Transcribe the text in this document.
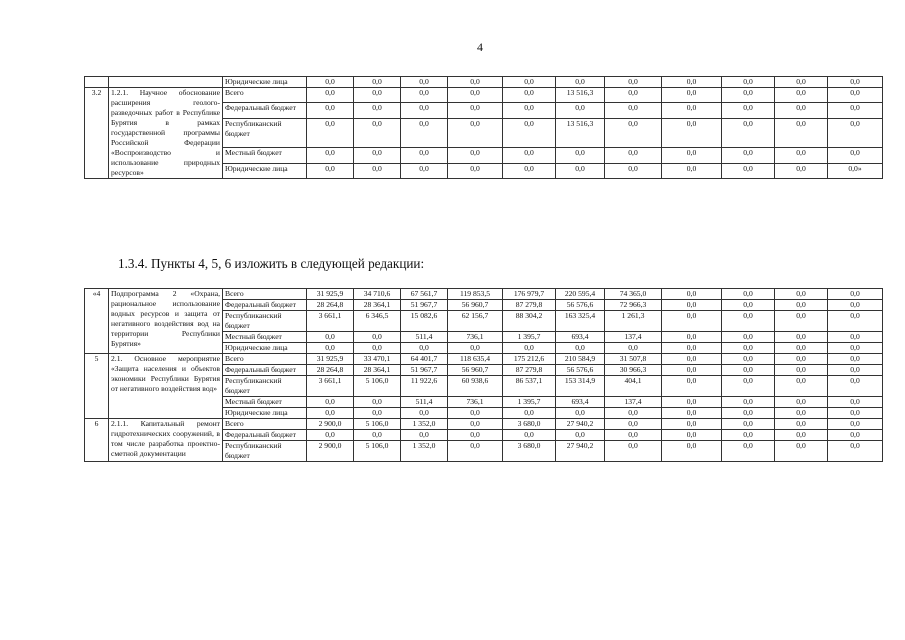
4
		Юридические лица	0,0	0,0	0,0	0,0	0,0	0,0	0,0	0,0	0,0	0,0	0,0
3.2	1.2.1. Научное обоснование расширения геолого-разведочных работ в Республике Бурятия в рамках государственной программы Российской Федерации «Воспроизводство и использование природных ресурсов»	Всего	0,0	0,0	0,0	0,0	0,0	13 516,3	0,0	0,0	0,0	0,0	0,0
		Федеральный бюджет	0,0	0,0	0,0	0,0	0,0	0,0	0,0	0,0	0,0	0,0	0,0
		Республиканский бюджет	0,0	0,0	0,0	0,0	0,0	13 516,3	0,0	0,0	0,0	0,0	0,0
		Местный бюджет	0,0	0,0	0,0	0,0	0,0	0,0	0,0	0,0	0,0	0,0	0,0
		Юридические лица	0,0	0,0	0,0	0,0	0,0	0,0	0,0	0,0	0,0	0,0	0,0»
1.3.4. Пункты 4, 5, 6 изложить в следующей редакции:
«4	Подпрограмма 2 «Охрана, рациональное использование водных ресурсов и защита от негативного воздействия вод на территории Республики Бурятия»	Всего	31 925,9	34 710,6	67 561,7	119 853,5	176 979,7	220 595,4	74 365,0	0,0	0,0	0,0	0,0
		Федеральный бюджет	28 264,8	28 364,1	51 967,7	56 960,7	87 279,8	56 576,6	72 966,3	0,0	0,0	0,0	0,0
		Республиканский бюджет	3 661,1	6 346,5	15 082,6	62 156,7	88 304,2	163 325,4	1 261,3	0,0	0,0	0,0	0,0
		Местный бюджет	0,0	0,0	511,4	736,1	1 395,7	693,4	137,4	0,0	0,0	0,0	0,0
		Юридические лица	0,0	0,0	0,0	0,0	0,0	0,0	0,0	0,0	0,0	0,0	0,0
5	2.1. Основное мероприятие «Защита населения и объектов экономики Республики Бурятия от негативного воздействия вод»	Всего	31 925,9	33 470,1	64 401,7	118 635,4	175 212,6	210 584,9	31 507,8	0,0	0,0	0,0	0,0
		Федеральный бюджет	28 264,8	28 364,1	51 967,7	56 960,7	87 279,8	56 576,6	30 966,3	0,0	0,0	0,0	0,0
		Республиканский бюджет	3 661,1	5 106,0	11 922,6	60 938,6	86 537,1	153 314,9	404,1	0,0	0,0	0,0	0,0
		Местный бюджет	0,0	0,0	511,4	736,1	1 395,7	693,4	137,4	0,0	0,0	0,0	0,0
		Юридические лица	0,0	0,0	0,0	0,0	0,0	0,0	0,0	0,0	0,0	0,0	0,0
6	2.1.1. Капитальный ремонт гидротехнических сооружений, в том числе разработка проектно-сметной документации	Всего	2 900,0	5 106,0	1 352,0	0,0	3 680,0	27 940,2	0,0	0,0	0,0	0,0	0,0
		Федеральный бюджет	0,0	0,0	0,0	0,0	0,0	0,0	0,0	0,0	0,0	0,0	0,0
		Республиканский бюджет	2 900,0	5 106,0	1 352,0	0,0	3 680,0	27 940,2	0,0	0,0	0,0	0,0	0,0
